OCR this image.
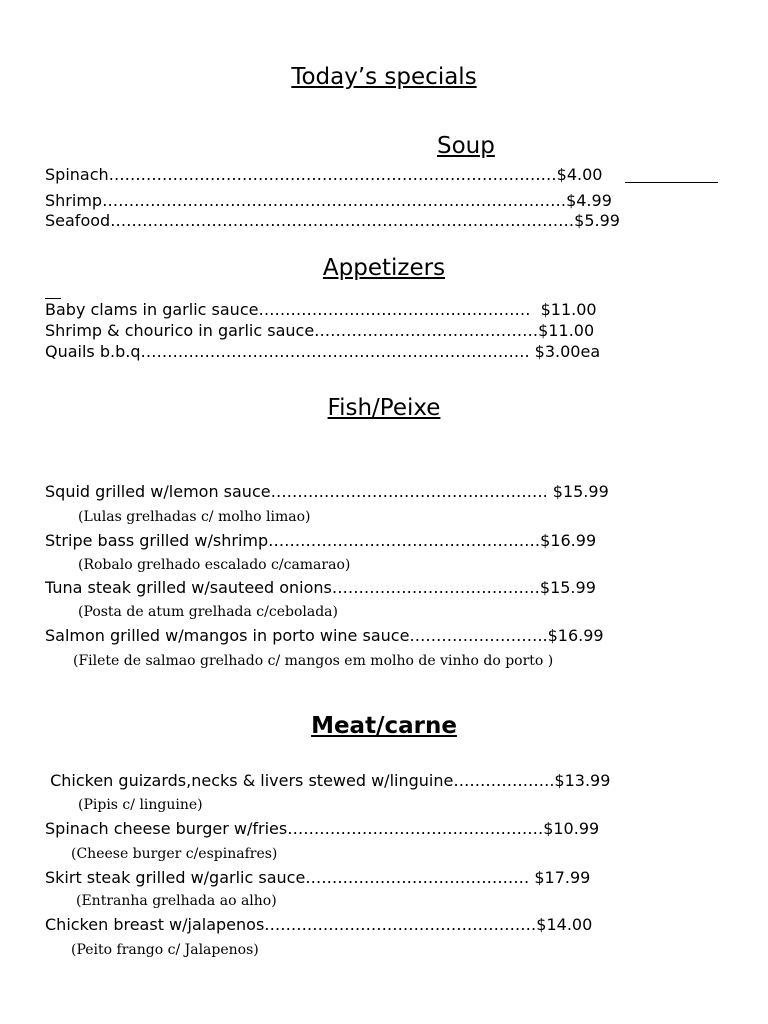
Today’s specials
Soup
Spinach…………………………………………………………………………$4.00
Shrimp……………………………………………………………………………$4.99
Seafood……………………………………………………………………………$5.99
Appetizers
Baby clams in garlic sauce……………………………………………  $11.00
Shrimp & chourico in garlic sauce……………………………………$11.00
Quails b.b.q………………………………………………………………. $3.00ea
Fish/Peixe
Squid grilled w/lemon sauce……………………………………………. $15.99
(Lulas grelhadas c/ molho limao)
Stripe bass grilled w/shrimp……………………………………………$16.99
(Robalo grelhado escalado c/camarao)
Tuna steak grilled w/sauteed onions…………………………………$15.99
(Posta de atum grelhada c/cebolada)
Salmon grilled w/mangos in porto wine sauce……………………..$16.99
(Filete de salmao grelhado c/ mangos em molho de vinho do porto )
Meat/carne
Chicken guizards,necks & livers stewed w/linguine……………….$13.99
(Pipis c/ linguine)
Spinach cheese burger w/fries…………………………………………$10.99
(Cheese burger c/espinafres)
Skirt steak grilled w/garlic sauce…………………………………… $17.99
(Entranha grelhada ao alho)
Chicken breast w/jalapenos……………………………………………$14.00
(Peito frango c/ Jalapenos)
